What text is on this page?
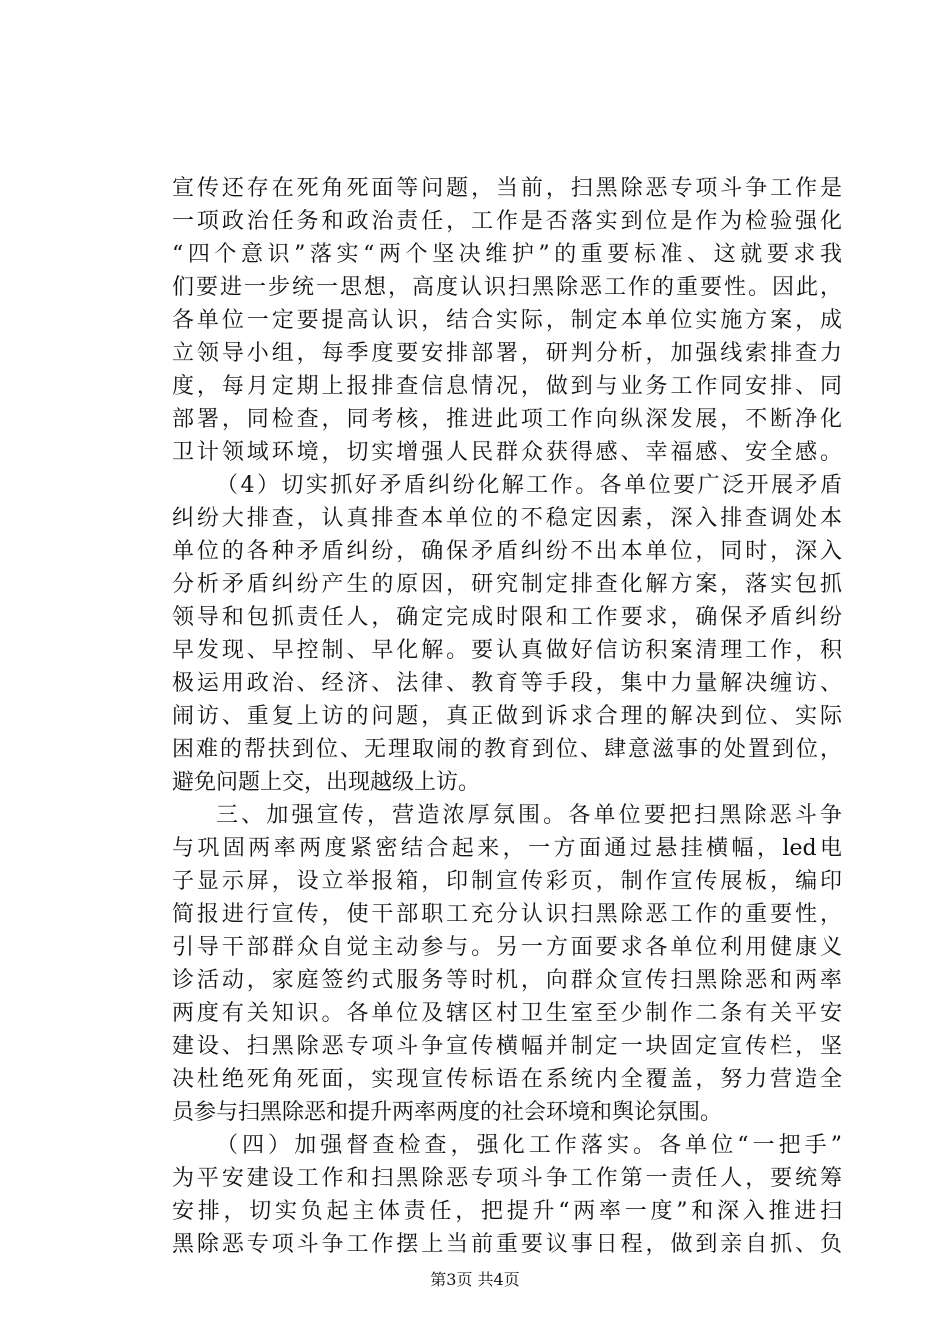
宣传还存在死角死面等问题，当前，扫黑除恶专项斗争工作是
一项政治任务和政治责任，工作是否落实到位是作为检验强化
“四个意识”落实“两个坚决维护”的重要标准、这就要求我
们要进一步统一思想，高度认识扫黑除恶工作的重要性。因此，
各单位一定要提高认识，结合实际，制定本单位实施方案，成
立领导小组，每季度要安排部署，研判分析，加强线索排查力
度，每月定期上报排查信息情况，做到与业务工作同安排、同
部署，同检查，同考核，推进此项工作向纵深发展，不断净化
卫计领域环境，切实增强人民群众获得感、幸福感、安全感。
（4）切实抓好矛盾纠纷化解工作。各单位要广泛开展矛盾
纠纷大排查，认真排查本单位的不稳定因素，深入排查调处本
单位的各种矛盾纠纷，确保矛盾纠纷不出本单位，同时，深入
分析矛盾纠纷产生的原因，研究制定排查化解方案，落实包抓
领导和包抓责任人，确定完成时限和工作要求，确保矛盾纠纷
早发现、早控制、早化解。要认真做好信访积案清理工作，积
极运用政治、经济、法律、教育等手段，集中力量解决缠访、
闹访、重复上访的问题，真正做到诉求合理的解决到位、实际
困难的帮扶到位、无理取闹的教育到位、肆意滋事的处置到位，
避免问题上交，出现越级上访。
三、加强宣传，营造浓厚氛围。各单位要把扫黑除恶斗争
与巩固两率两度紧密结合起来，一方面通过悬挂横幅，led电
子显示屏，设立举报箱，印制宣传彩页，制作宣传展板，编印
简报进行宣传，使干部职工充分认识扫黑除恶工作的重要性，
引导干部群众自觉主动参与。另一方面要求各单位利用健康义
诊活动，家庭签约式服务等时机，向群众宣传扫黑除恶和两率
两度有关知识。各单位及辖区村卫生室至少制作二条有关平安
建设、扫黑除恶专项斗争宣传横幅并制定一块固定宣传栏，坚
决杜绝死角死面，实现宣传标语在系统内全覆盖，努力营造全
员参与扫黑除恶和提升两率两度的社会环境和舆论氛围。
（四）加强督查检查，强化工作落实。各单位“一把手”
为平安建设工作和扫黑除恶专项斗争工作第一责任人，要统筹
安排，切实负起主体责任，把提升“两率一度”和深入推进扫
黑除恶专项斗争工作摆上当前重要议事日程，做到亲自抓、负
第3页 共4页
